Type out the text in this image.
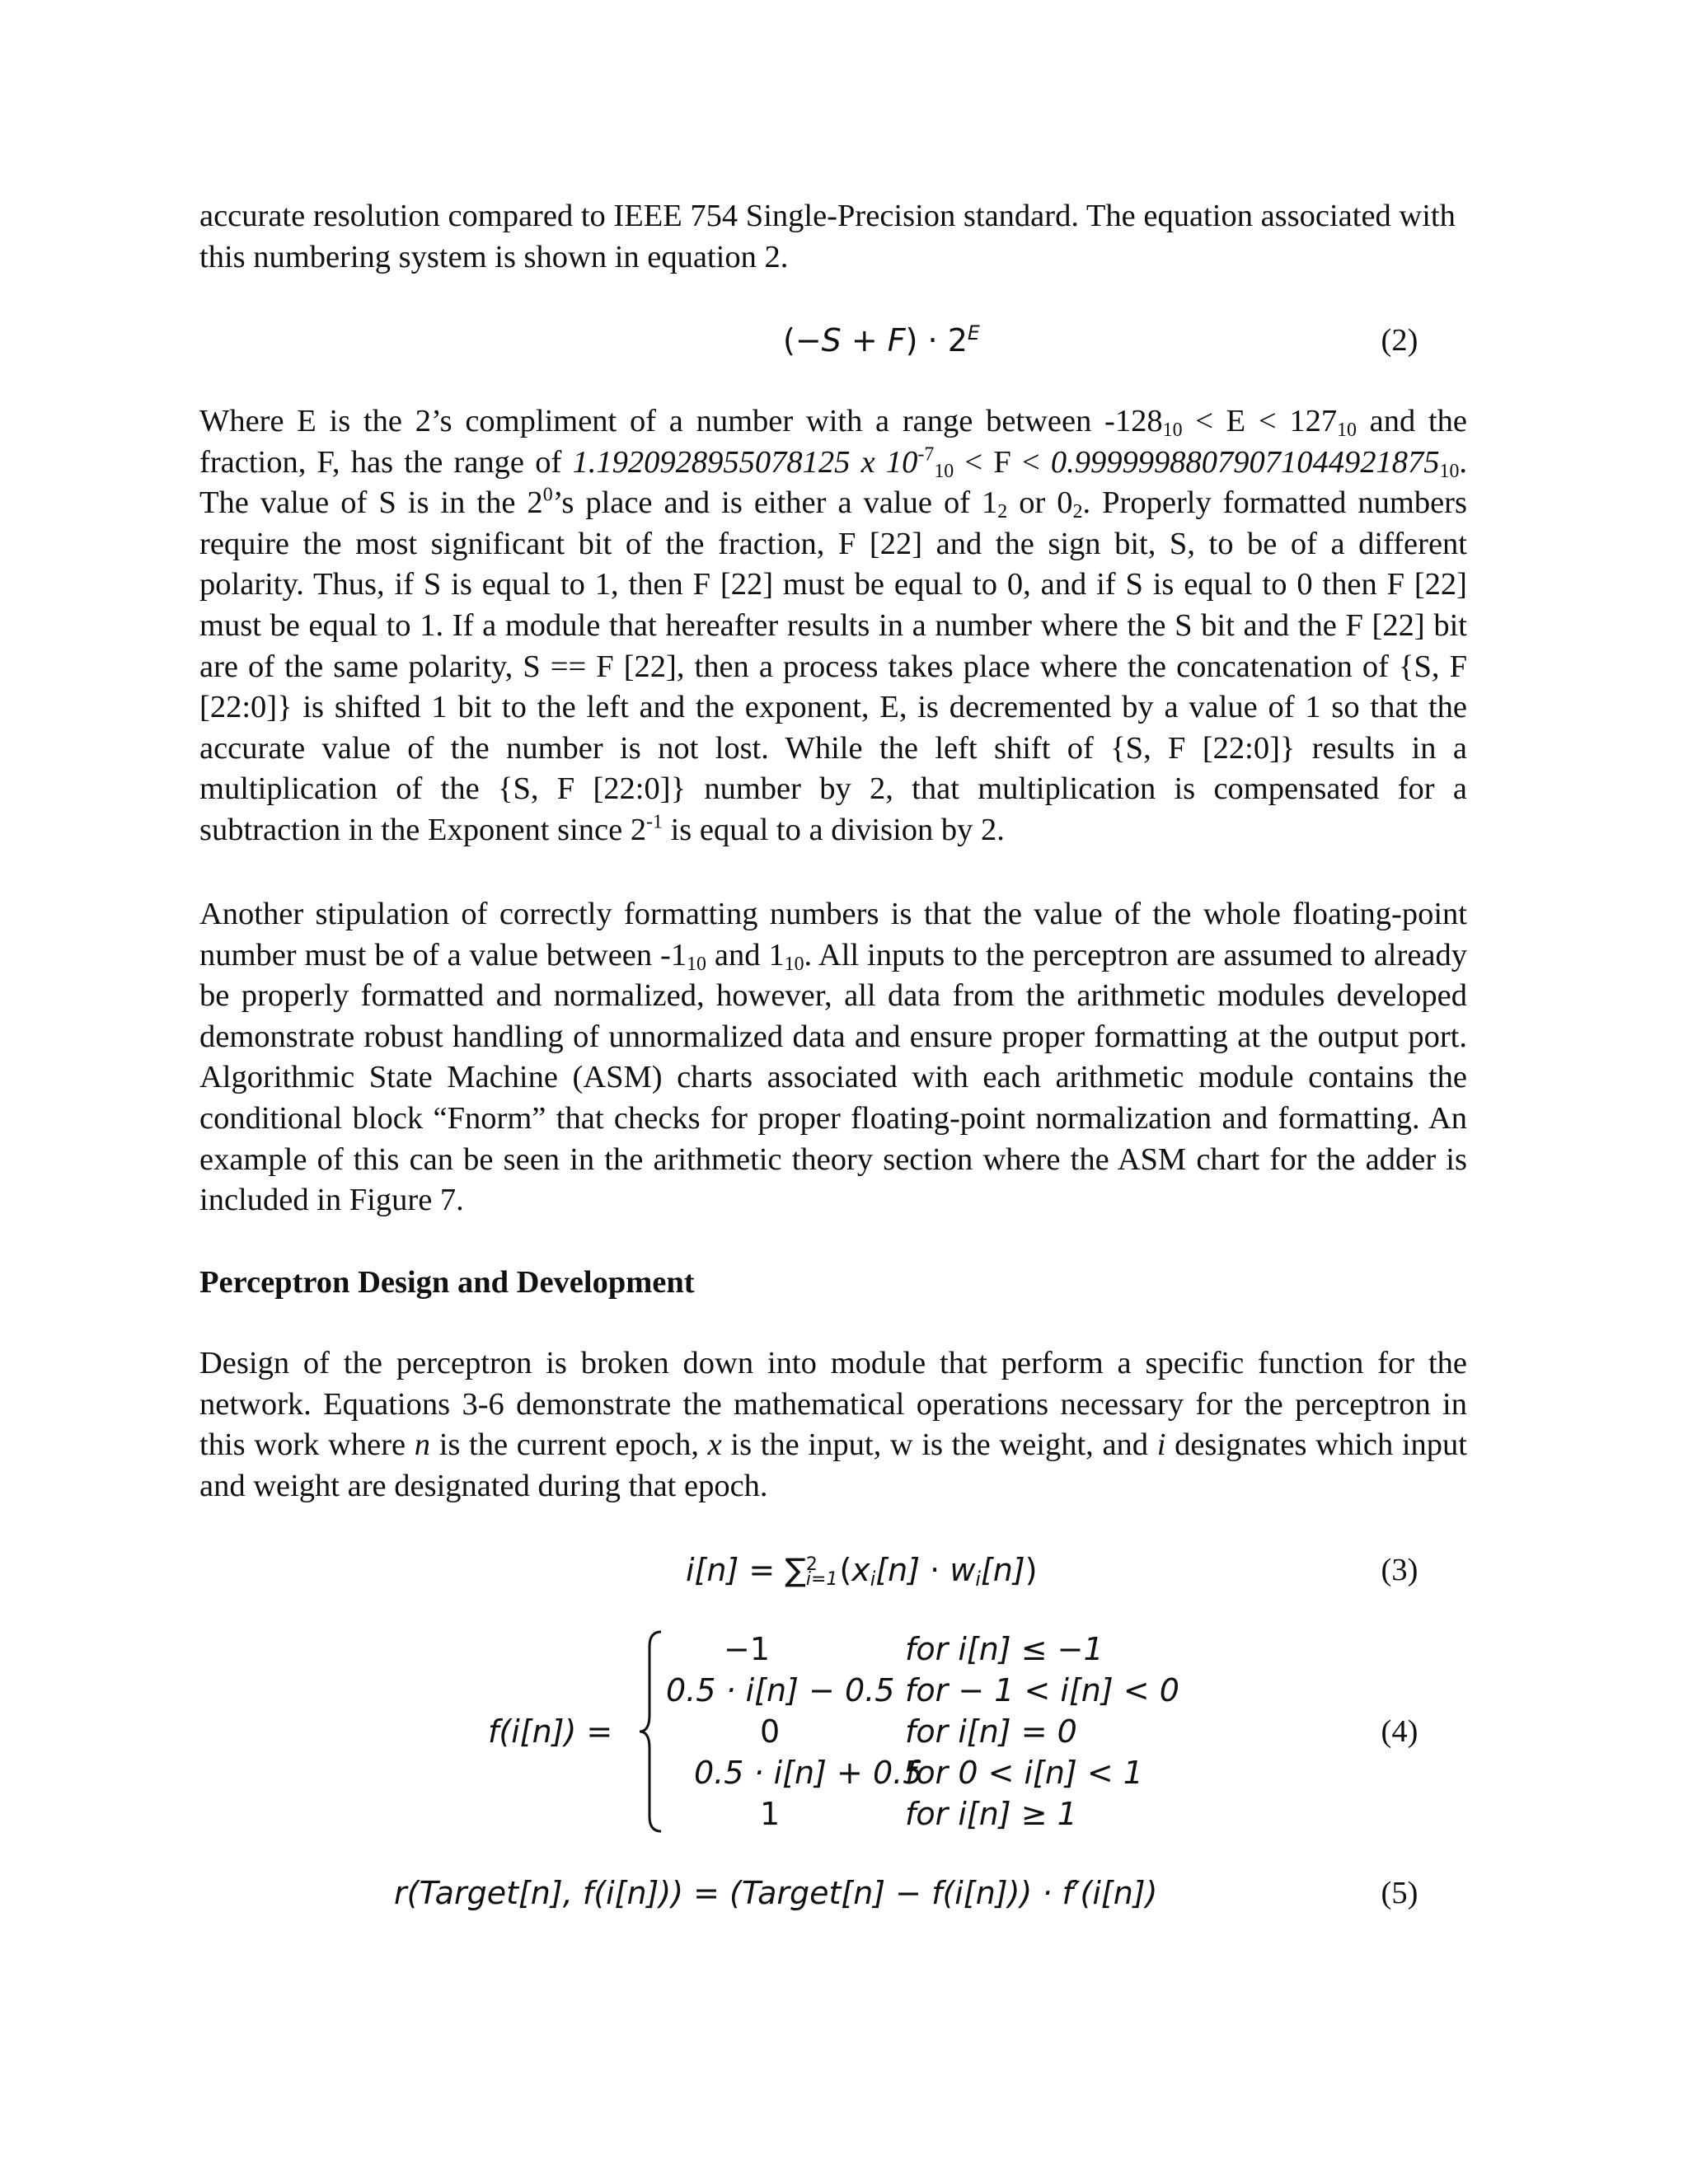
accurate resolution compared to IEEE 754 Single-Precision standard. The equation associated with
this numbering system is shown in equation 2.
$(-S + F) \cdot 2^E$	(2)
Where E is the 2’s compliment of a number with a range between $-128_{10} < E < 127_{10}$ and the fraction, F, has the range of 1.1920928955078125 x $10^{-7}_{10} < F < 0.99999988079071044921875_{10}$. The value of S is in the $2^0’s$ place and is either a value of $1_2$ or $0_2$. Properly formatted numbers require the most significant bit of the fraction, F [22] and the sign bit, S, to be of a different polarity. Thus, if S is equal to 1, then F [22] must be equal to 0, and if S is equal to 0 then F [22] must be equal to 1. If a module that hereafter results in a number where the S bit and the F [22] bit are of the same polarity, S == F [22], then a process takes place where the concatenation of {S, F [22:0]} is shifted 1 bit to the left and the exponent, E, is decremented by a value of 1 so that the accurate value of the number is not lost. While the left shift of {S, F [22:0]} results in a multiplication of the {S, F [22:0]} number by 2, that multiplication is compensated for a subtraction in the Exponent since $2^{-1}$ is equal to a division by 2.
Another stipulation of correctly formatting numbers is that the value of the whole floating-point number must be of a value between $-1_{10}$ and $1_{10}$. All inputs to the perceptron are assumed to already be properly formatted and normalized, however, all data from the arithmetic modules developed demonstrate robust handling of unnormalized data and ensure proper formatting at the output port. Algorithmic State Machine (ASM) charts associated with each arithmetic module contains the conditional block “Fnorm” that checks for proper floating-point normalization and formatting. An example of this can be seen in the arithmetic theory section where the ASM chart for the adder is included in Figure 7.
Perceptron Design and Development
Design of the perceptron is broken down into module that perform a specific function for the network. Equations 3-6 demonstrate the mathematical operations necessary for the perceptron in this work where n is the current epoch, x is the input, w is the weight, and i designates which input and weight are designated during that epoch.
i[n] = ∑ 2
i=1 $(x_i[n] \cdot w_i[n])$	(3)
f(i[n]) =
−1	for i[n] ≤ −1
0.5 · i[n] − 0.5 for − 1 < i[n] < 0
0	for i[n] = 0
0.5 · i[n] + 0.5
for 0 < i[n] < 1
1	for i[n] ≥ 1
(4)
r(Target[n], f(i[n])) = (Target[n] − f(i[n])) · f′(i[n])	(5)
